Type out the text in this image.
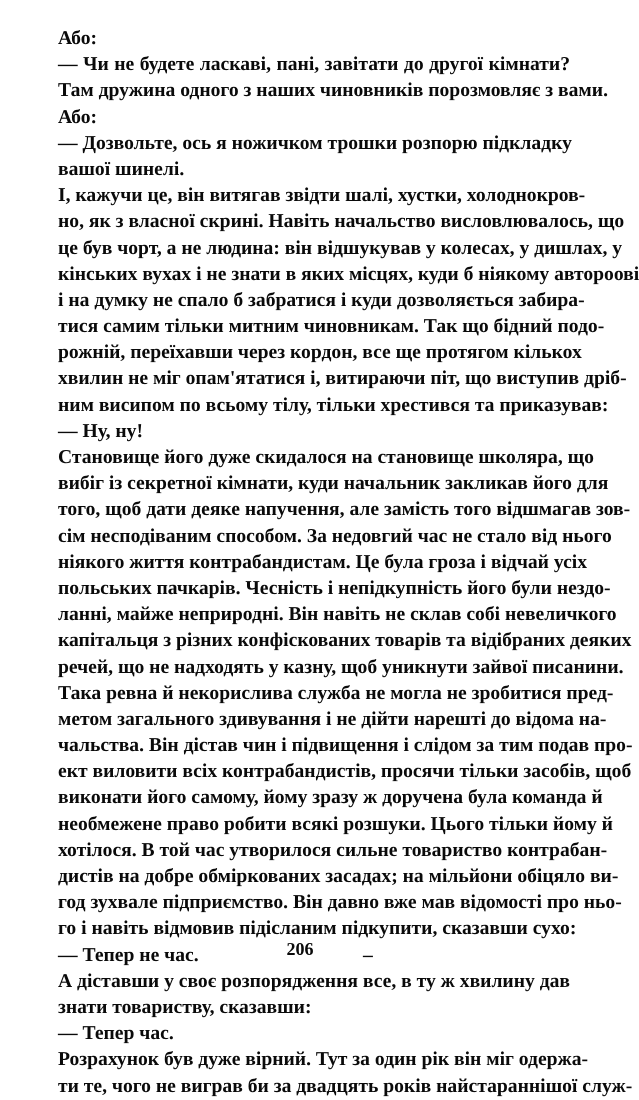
Або:
— Чи не будете ласкаві, пані, завітати до другої кімнати?
Там дружина одного з наших чиновників порозмовляє з вами.
Або:
— Дозвольте, ось я ножичком трошки розпорю підкладку
вашої шинелі.
І, кажучи це, він витягав звідти шалі, хустки, холоднокров-
но, як з власної скрині. Навіть начальство висловлювалось, що
це був чорт, а не людина: він відшукував у колесах, у дишлах, у
кінських вухах і не знати в яких місцях, куди б ніякому автороові
і на думку не спало б забратися і куди дозволяється забира-
тися самим тільки митним чиновникам. Так що бідний подо-
рожній, переїхавши через кордон, все ще протягом кількох
хвилин не міг опам'ятатися і, витираючи піт, що виступив дріб-
ним висипом по всьому тілу, тільки хрестився та приказував:
— Ну, ну!
Становище його дуже скидалося на становище школяра, що
вибіг із секретної кімнати, куди начальник закликав його для
того, щоб дати деяке напучення, але замість того відшмагав зов-
сім несподіваним способом. За недовгий час не стало від нього
ніякого життя контрабандистам. Це була гроза і відчай усіх
польських пачкарів. Чесність і непідкупність його були нездо-
ланні, майже неприродні. Він навіть не склав собі невеличкого
капітальця з різних конфіскованих товарів та відібраних деяких
речей, що не надходять у казну, щоб уникнути зайвої писанини.
Така ревна й некорислива служба не могла не зробитися пред-
метом загального здивування і не дійти нарешті до відома на-
чальства. Він дістав чин і підвищення і слідом за тим подав про-
ект виловити всіх контрабандистів, просячи тільки засобів, щоб
виконати його самому, йому зразу ж доручена була команда й
необмежене право робити всякі розшуки. Цього тільки йому й
хотілося. В той час утворилося сильне товариство контрабан-
дистів на добре обміркованих засадах; на мільйони обіцяло ви-
год зухвале підприємство. Він давно вже мав відомості про ньо-
го і навіть відмовив підісланим підкупити, сказавши сухо:
— Тепер не час.	–
А діставши у своє розпорядження все, в ту ж хвилину дав
знати товариству, сказавши:
— Тепер час.
Розрахунок був дуже вірний. Тут за один рік він міг одержа-
ти те, чого не виграв би за двадцять років найстараннішої служ-
206
